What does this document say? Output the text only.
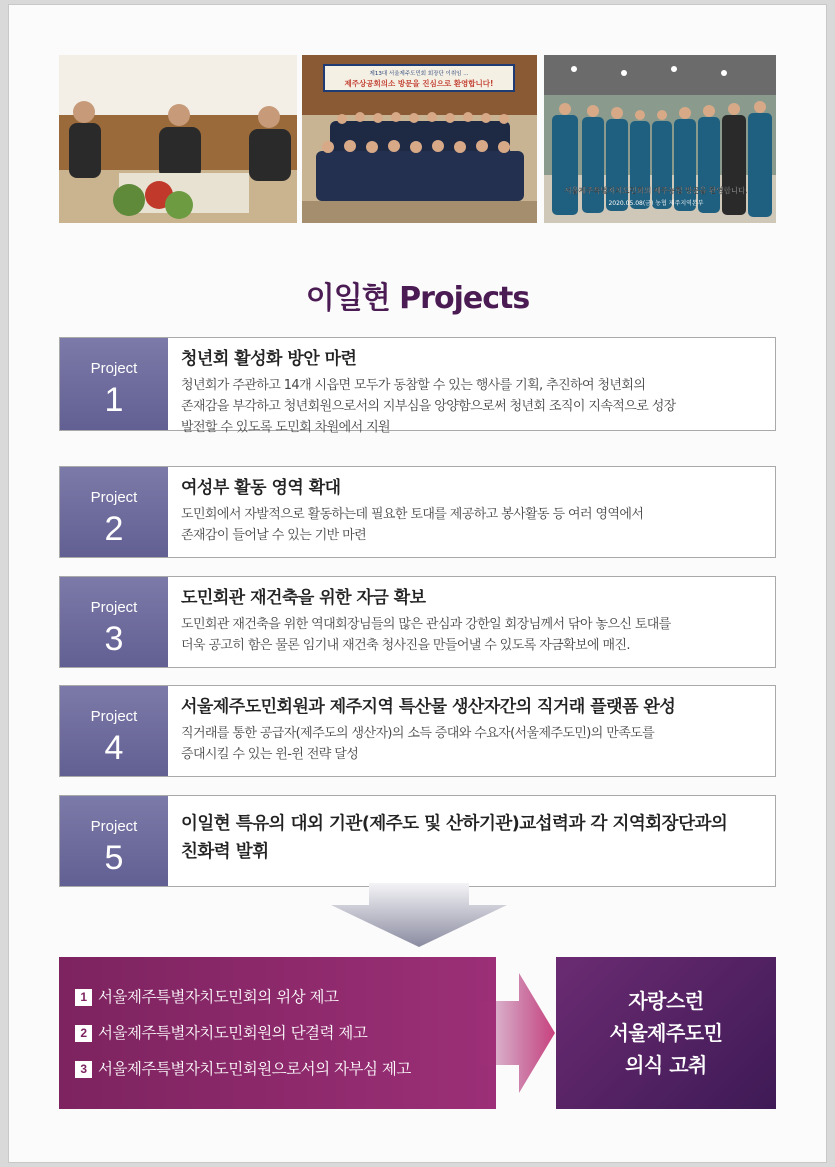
제13대 서울제주도민회 회장단 이취임 ...
제주상공회의소 방문을 진심으로 환영합니다!
서울제주특별자치도민회의 제주농협 방문을 환영합니다.
2020.05.08(금) 농협 제주지역본부
이일현 Projects
Project
1
청년회 활성화 방안 마련
청년회가 주관하고 14개 시읍면 모두가 동참할 수 있는 행사를 기획, 추진하여 청년회의
존재감을 부각하고 청년회원으로서의 지부심을 앙양함으로써 청년회 조직이 지속적으로 성장
발전할 수 있도록 도민회 차원에서 지원
Project
2
여성부 활동 영역 확대
도민회에서 자발적으로 활동하는데 필요한 토대를 제공하고 봉사활동 등 여러 영역에서
존재감이 들어날 수 있는 기반 마련
Project
3
도민회관 재건축을 위한 자금 확보
도민회관 재건축을 위한 역대회장님들의 많은 관심과 강한일 회장님께서 닦아 놓으신 토대를
더욱 공고히 함은 물론 임기내 재건축 청사진을 만들어낼 수 있도록 자금확보에 매진.
Project
4
서울제주도민회원과 제주지역 특산물 생산자간의 직거래 플랫폼 완성
직거래를 통한 공급자(제주도의 생산자)의 소득 증대와 수요자(서울제주도민)의 만족도를
증대시킬 수 있는 윈-윈 전략 달성
Project
5
이일현 특유의 대외 기관(제주도 및 산하기관)교섭력과 각 지역회장단과의
친화력 발휘
1 서울제주특별자치도민회의 위상 제고
2 서울제주특별자치도민회원의 단결력 제고
3 서울제주특별자치도민회원으로서의 자부심 제고
자랑스런
서울제주도민
의식 고취
